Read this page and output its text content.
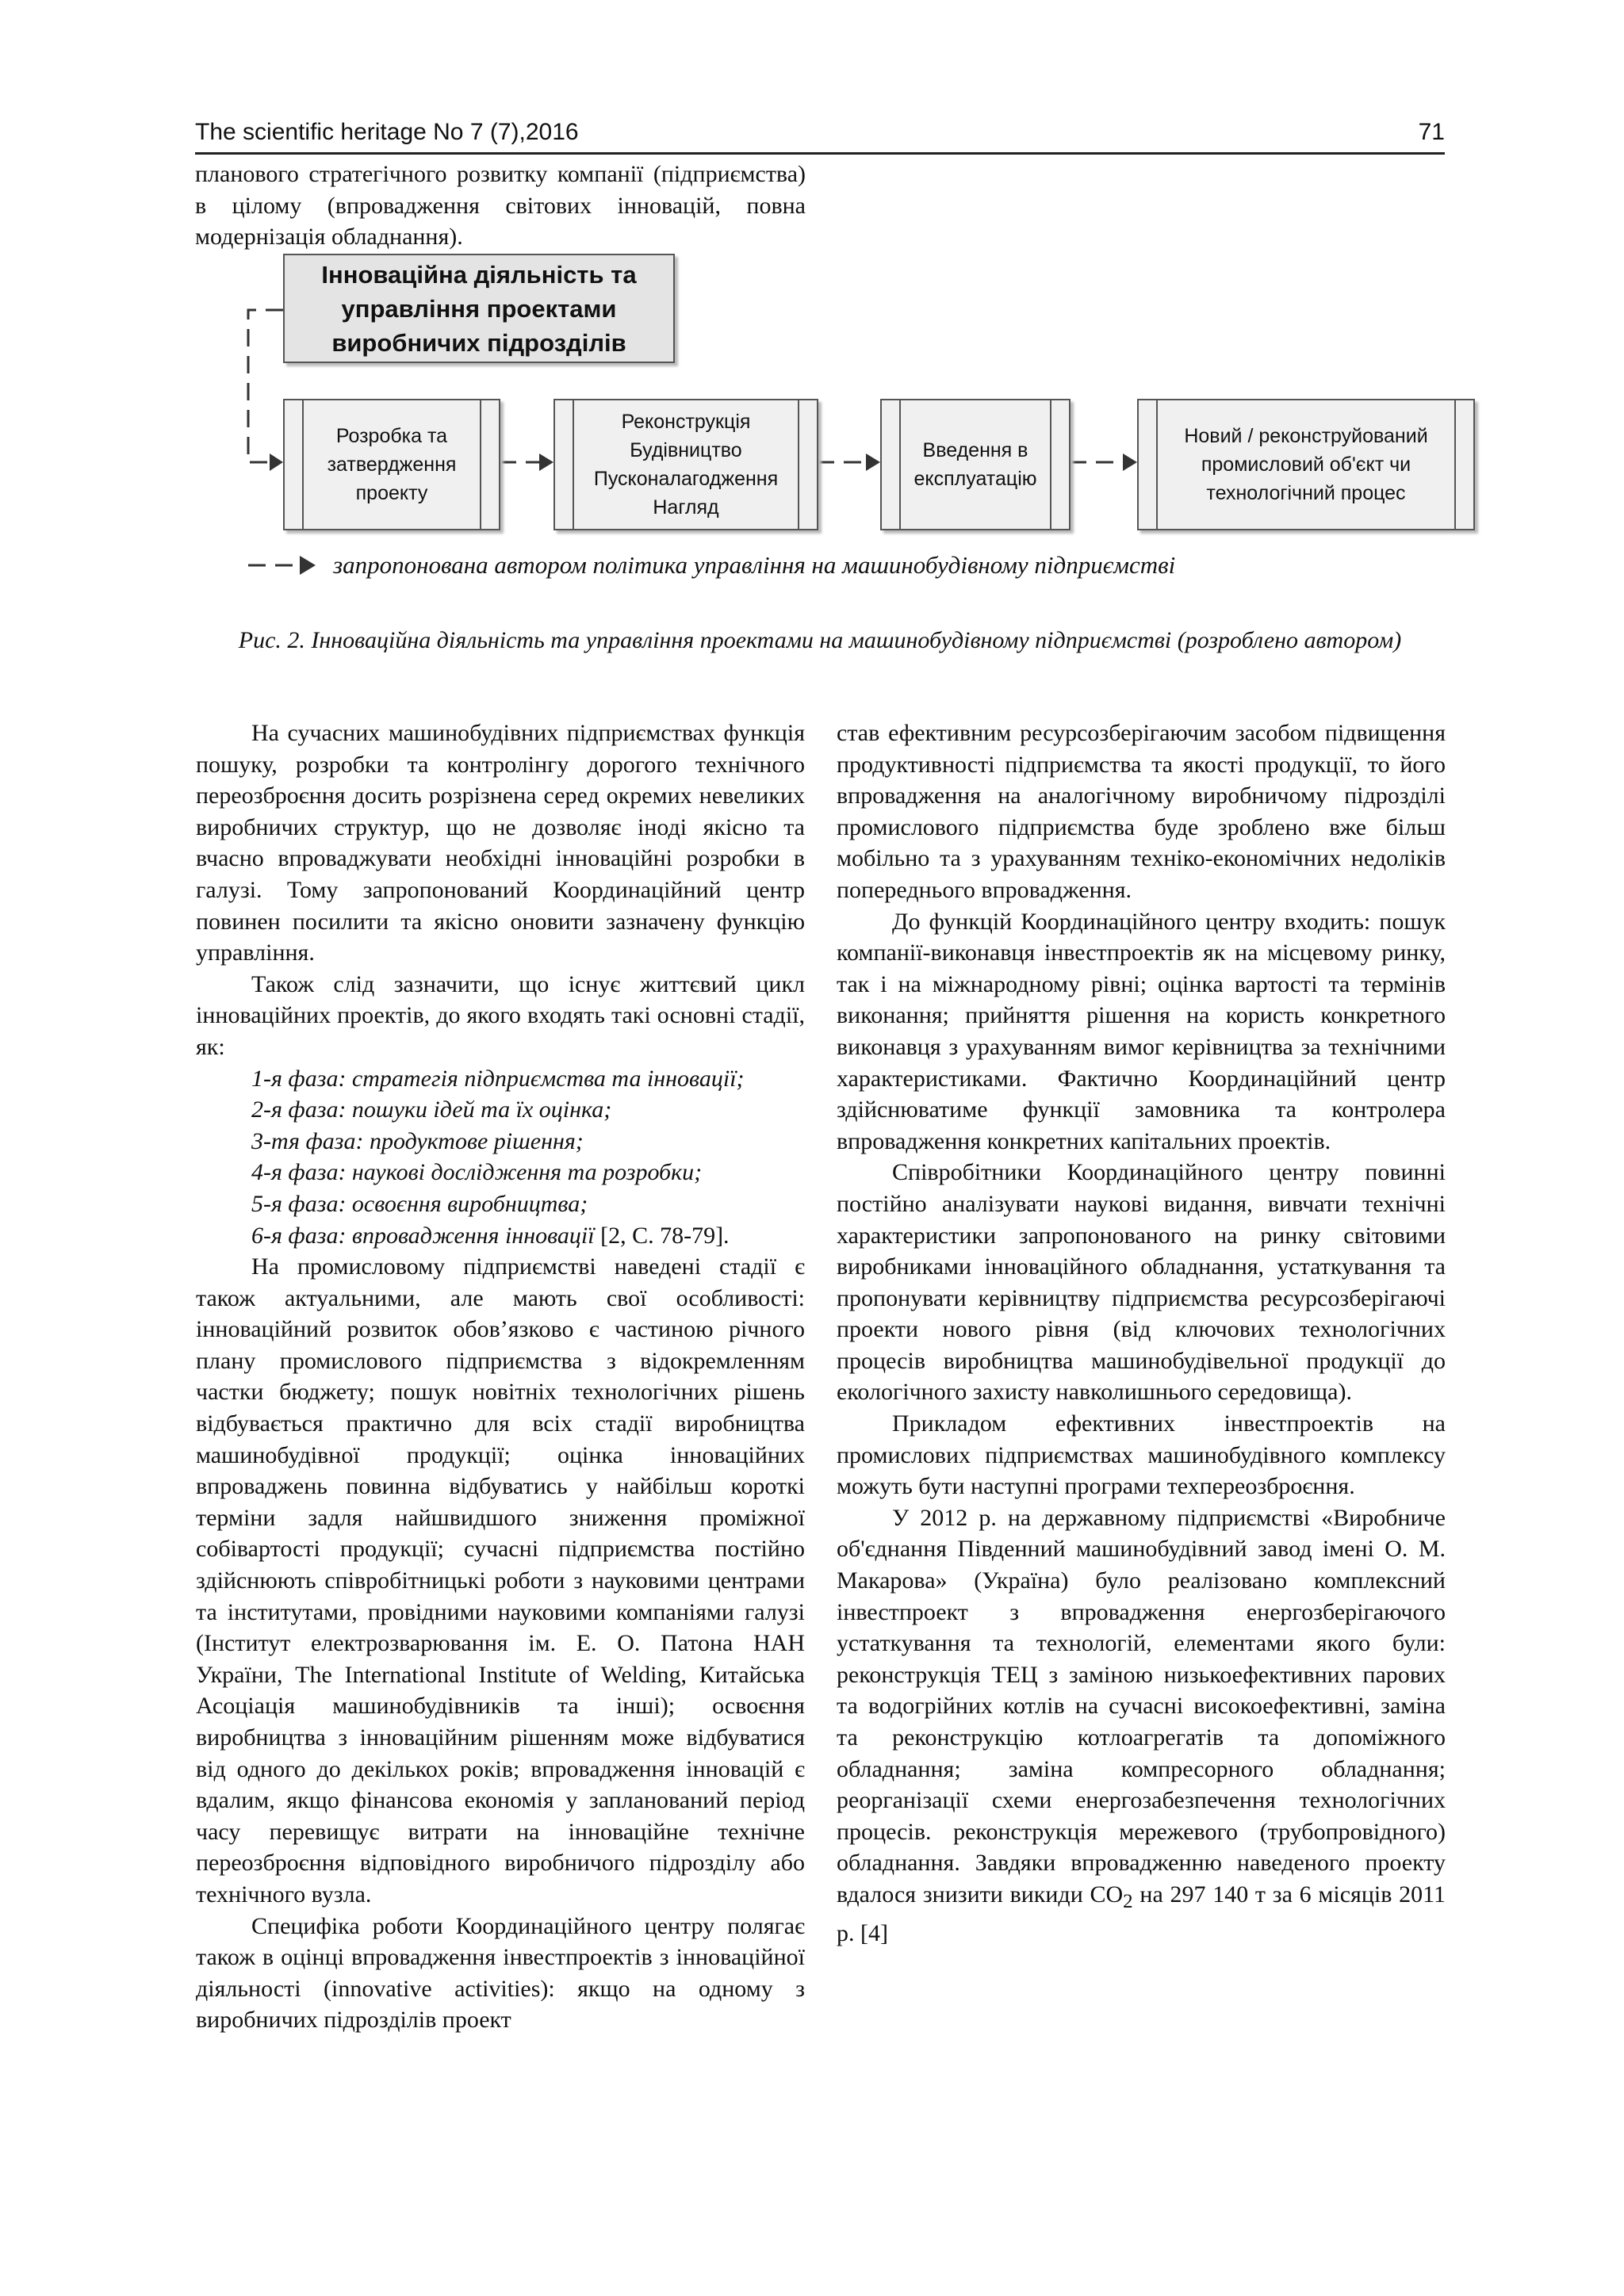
The scientific heritage No 7 (7),2016	71
планового стратегічного розвитку компанії (підприємства) в цілому (впровадження світових інновацій, повна модернізація обладнання).
Інноваційна діяльність та управління проектами виробничих підрозділів
Розробка та
затвердження
проекту
Реконструкція
Будівництво
Пусконалагодження
Нагляд
Введення в
експлуатацію
Новий / реконструйований
промисловий об'єкт чи
технологічний процес
запропонована автором політика управління на машинобудівному підприємстві
Рис. 2. Інноваційна діяльність та управління проектами на машинобудівному підприємстві (розроблено автором)

На сучасних машинобудівних підприємствах функція пошуку, розробки та контролінгу дорогого технічного переозброєння досить розрізнена серед окремих невеликих виробничих структур, що не дозволяє іноді якісно та вчасно впроваджувати необхідні інноваційні розробки в галузі. Тому запропонований Координаційний центр повинен посилити та якісно оновити зазначену функцію управління.

Також слід зазначити, що існує життєвий цикл інноваційних проектів, до якого входять такі основні стадії, як:

1-я фаза: стратегія підприємства та інновації;

2-я фаза: пошуки ідей та їх оцінка;

3-тя фаза: продуктове рішення;

4-я фаза: наукові дослідження та розробки;

5-я фаза: освоєння виробництва;

6-я фаза: впровадження інновації [2, С. 78-79].

На промисловому підприємстві наведені стадії є також актуальними, але мають свої особливості: інноваційний розвиток обов’язково є частиною річного плану промислового підприємства з відокремленням частки бюджету; пошук новітніх технологічних рішень відбувається практично для всіх стадії виробництва машинобудівної продукції; оцінка інноваційних впроваджень повинна відбуватись у найбільш короткі терміни задля найшвидшого зниження проміжної собівартості продукції; сучасні підприємства постійно здійснюють співробітницькі роботи з науковими центрами та інститутами, провідними науковими компаніями галузі (Інститут електрозварювання ім. Е. О. Патона НАН України, The International Institute of Welding, Китайська Асоціація машинобудівників та інші); освоєння виробництва з інноваційним рішенням може відбуватися від одного до декількох років; впровадження інновацій є вдалим, якщо фінансова економія у запланований період часу перевищує витрати на інноваційне технічне переозброєння відповідного виробничого підрозділу або технічного вузла.

Специфіка роботи Координаційного центру полягає також в оцінці впровадження інвестпроектів з інноваційної діяльності (innovative activities): якщо на одному з виробничих підрозділів проект

став ефективним ресурсозберігаючим засобом підвищення продуктивності підприємства та якості продукції, то його впровадження на аналогічному виробничому підрозділі промислового підприємства буде зроблено вже більш мобільно та з урахуванням техніко-економічних недоліків попереднього впровадження.

До функцій Координаційного центру входить: пошук компанії-виконавця інвестпроектів як на місцевому ринку, так і на міжнародному рівні; оцінка вартості та термінів виконання; прийняття рішення на користь конкретного виконавця з урахуванням вимог керівництва за технічними характеристиками. Фактично Координаційний центр здійснюватиме функції замовника та контролера впровадження конкретних капітальних проектів.

Співробітники Координаційного центру повинні постійно аналізувати наукові видання, вивчати технічні характеристики запропонованого на ринку світовими виробниками інноваційного обладнання, устаткування та пропонувати керівництву підприємства ресурсозберігаючі проекти нового рівня (від ключових технологічних процесів виробництва машинобудівельної продукції до екологічного захисту навколишнього середовища).

Прикладом ефективних інвестпроектів на промислових підприємствах машинобудівного комплексу можуть бути наступні програми техпереозброєння.

У 2012 р. на державному підприємстві «Виробниче об'єднання Південний машинобудівний завод імені О. М. Макарова» (Україна) було реалізовано комплексний інвестпроект з впровадження енергозберігаючого устаткування та технологій, елементами якого були: реконструкція ТЕЦ з заміною низькоефективних парових та водогрійних котлів на сучасні високоефективні, заміна та реконструкцію котлоагрегатів та допоміжного обладнання; заміна компресорного обладнання; реорганізації схеми енергозабезпечення технологічних процесів. реконструкція мережевого (трубопровідного) обладнання. Завдяки впровадженню наведеного проекту вдалося знизити викиди $CO_2$ на 297 140 т за 6 місяців 2011 р. [4]
